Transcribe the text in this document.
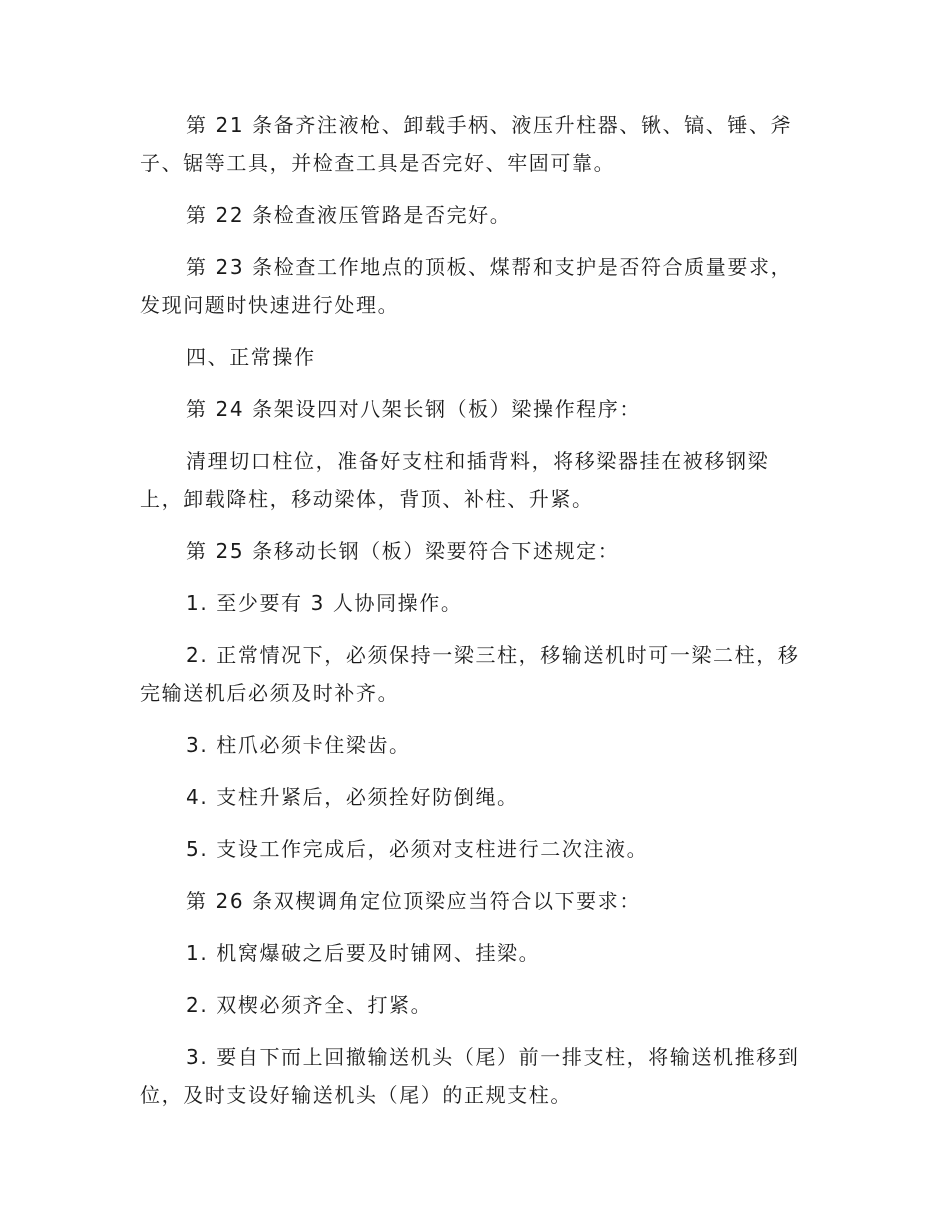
第 21 条备齐注液枪、卸载手柄、液压升柱器、锹、镐、锤、斧子、锯等工具，并检查工具是否完好、牢固可靠。

第 22 条检查液压管路是否完好。

第 23 条检查工作地点的顶板、煤帮和支护是否符合质量要求，发现问题时快速进行处理。

四、正常操作

第 24 条架设四对八架长钢（板）梁操作程序：

清理切口柱位，准备好支柱和插背料，将移梁器挂在被移钢梁上，卸载降柱，移动梁体，背顶、补柱、升紧。

第 25 条移动长钢（板）梁要符合下述规定：

1. 至少要有 3 人协同操作。

2. 正常情况下，必须保持一梁三柱，移输送机时可一梁二柱，移完输送机后必须及时补齐。

3. 柱爪必须卡住梁齿。

4. 支柱升紧后，必须拴好防倒绳。

5. 支设工作完成后，必须对支柱进行二次注液。

第 26 条双楔调角定位顶梁应当符合以下要求：

1. 机窝爆破之后要及时铺网、挂梁。

2. 双楔必须齐全、打紧。

3. 要自下而上回撤输送机头（尾）前一排支柱，将输送机推移到位，及时支设好输送机头（尾）的正规支柱。
